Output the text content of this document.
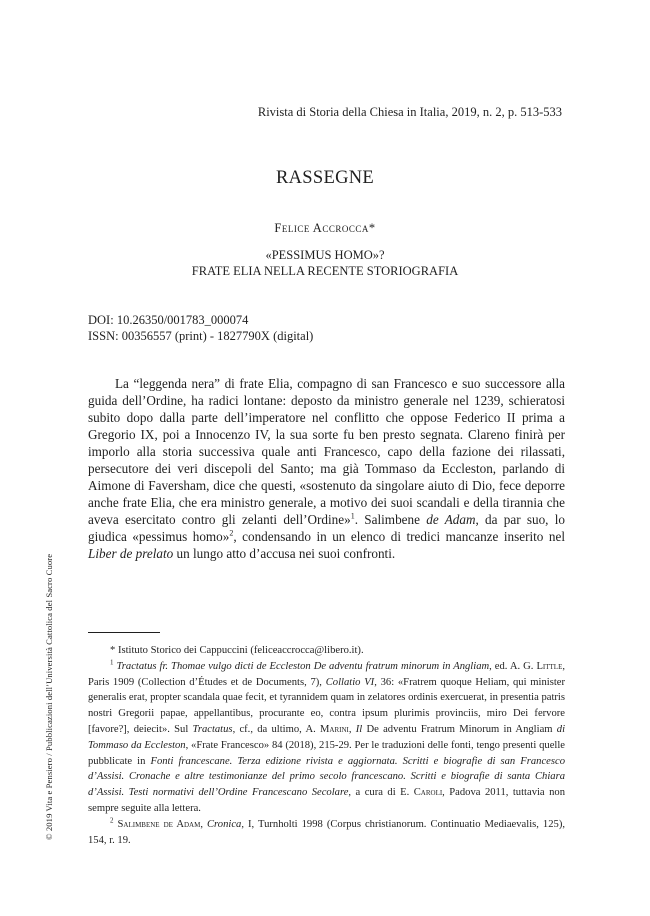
Rivista di Storia della Chiesa in Italia, 2019, n. 2, p. 513-533
RASSEGNE
Felice Accrocca*
«PESSIMUS HOMO»?
FRATE ELIA NELLA RECENTE STORIOGRAFIA
DOI: 10.26350/001783_000074
ISSN: 00356557 (print) - 1827790X (digital)

La “leggenda nera” di frate Elia, compagno di san Francesco e suo successore alla guida dell’Ordine, ha radici lontane: deposto da ministro generale nel 1239, schieratosi subito dopo dalla parte dell’imperatore nel conflitto che oppose Federico II prima a Gregorio IX, poi a Innocenzo IV, la sua sorte fu ben presto segnata. Clareno finirà per imporlo alla storia successiva quale anti Francesco, capo della fazione dei rilassati, persecutore dei veri discepoli del Santo; ma già Tommaso da Eccleston, parlando di Aimone di Faversham, dice che questi, «sostenuto da singolare aiuto di Dio, fece deporre anche frate Elia, che era ministro generale, a motivo dei suoi scandali e della tirannia che aveva esercitato contro gli zelanti dell’Ordine»$^1$. Salimbene de Adam, da par suo, lo giudica «pessimus homo»$^2$, condensando in un elenco di tredici mancanze inserito nel Liber de prelato un lungo atto d’accusa nei suoi confronti.

* Istituto Storico dei Cappuccini (feliceaccrocca@libero.it).

$^1$ Tractatus fr. Thomae vulgo dicti de Eccleston De adventu fratrum minorum in Angliam, ed. A. G. Little, Paris 1909 (Collection d’Études et de Documents, 7), Collatio VI, 36: «Fratrem quoque Heliam, qui minister generalis erat, propter scandala quae fecit, et tyrannidem quam in zelatores ordinis exercuerat, in presentia patris nostri Gregorii papae, appellantibus, procurante eo, contra ipsum plurimis provinciis, miro Dei fervore [favore?], deiecit». Sul Tractatus, cf., da ultimo, A. Marini, Il De adventu Fratrum Minorum in Angliam di Tommaso da Eccleston, «Frate Francesco» 84 (2018), 215-29. Per le traduzioni delle fonti, tengo presenti quelle pubblicate in Fonti francescane. Terza edizione rivista e aggiornata. Scritti e biografie di san Francesco d’Assisi. Cronache e altre testimonianze del primo secolo francescano. Scritti e biografie di santa Chiara d’Assisi. Testi normativi dell’Ordine Francescano Secolare, a cura di E. Caroli, Padova 2011, tuttavia non sempre seguite alla lettera.

$^2$ Salimbene de Adam, Cronica, I, Turnholti 1998 (Corpus christianorum. Continuatio Mediaevalis, 125), 154, r. 19.

© 2019 Vita e Pensiero / Pubblicazioni dell’Università Cattolica del Sacro Cuore
